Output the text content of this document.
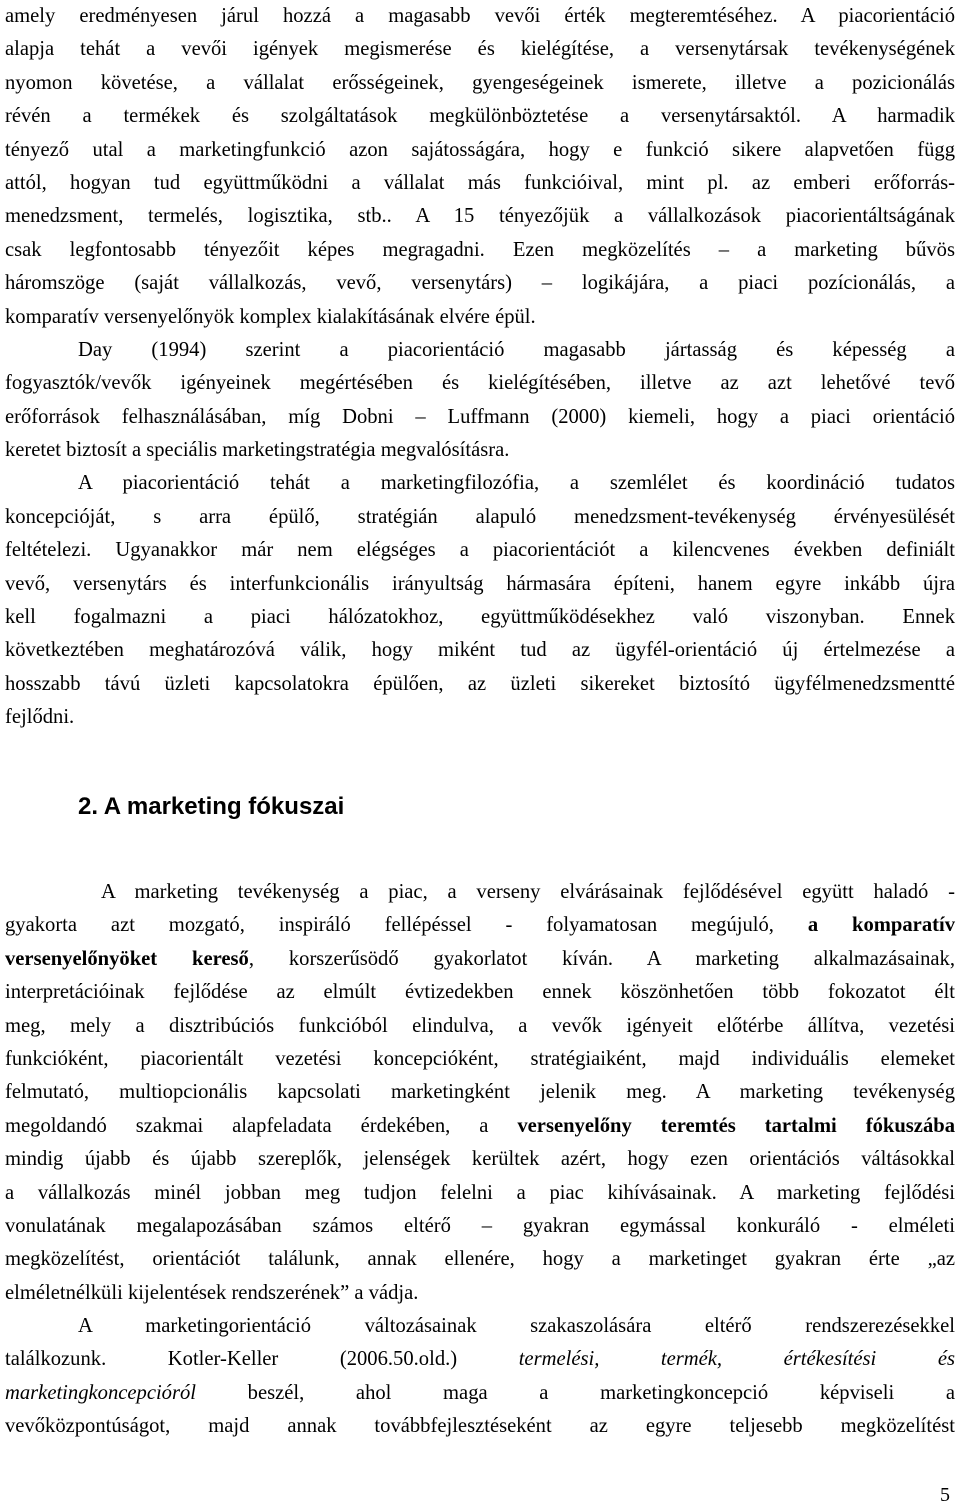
amely eredményesen járul hozzá a magasabb vevői érték megteremtéséhez. A piacorientáció
alapja tehát a vevői igények megismerése és kielégítése, a versenytársak tevékenységének
nyomon követése, a vállalat erősségeinek, gyengeségeinek ismerete, illetve a pozicionálás
révén a termékek és szolgáltatások megkülönböztetése a versenytársaktól. A harmadik
tényező utal a marketingfunkció azon sajátosságára, hogy e funkció sikere alapvetően függ
attól, hogyan tud együttműködni a vállalat más funkcióival, mint pl. az emberi erőforrás-
menedzsment, termelés, logisztika, stb.. A 15 tényezőjük a vállalkozások piacorientáltságának
csak legfontosabb tényezőit képes megragadni. Ezen megközelítés – a marketing bűvös
háromszöge (saját vállalkozás, vevő, versenytárs) – logikájára, a piaci pozícionálás, a
komparatív versenyelőnyök komplex kialakításának elvére épül.
Day (1994) szerint a piacorientáció magasabb jártasság és képesség a
fogyasztók/vevők igényeinek megértésében és kielégítésében, illetve az azt lehetővé tevő
erőforrások felhasználásában, míg Dobni – Luffmann (2000) kiemeli, hogy a piaci orientáció
keretet biztosít a speciális marketingstratégia megvalósításra.
A piacorientáció tehát a marketingfilozófia, a szemlélet és koordináció tudatos
koncepcióját, s arra épülő, stratégián alapuló menedzsment-tevékenység érvényesülését
feltételezi. Ugyanakkor már nem elégséges a piacorientációt a kilencvenes években definiált
vevő, versenytárs és interfunkcionális irányultság hármasára építeni, hanem egyre inkább újra
kell fogalmazni a piaci hálózatokhoz, együttműködésekhez való viszonyban. Ennek
következtében meghatározóvá válik, hogy miként tud az ügyfél-orientáció új értelmezése a
hosszabb távú üzleti kapcsolatokra épülően, az üzleti sikereket biztosító ügyfélmenedzsmentté
fejlődni.
2. A marketing fókuszai
A marketing tevékenység a piac, a verseny elvárásainak fejlődésével együtt haladó -
gyakorta azt mozgató, inspiráló fellépéssel - folyamatosan megújuló, a komparatív
versenyelőnyöket kereső, korszerűsödő gyakorlatot kíván. A marketing alkalmazásainak,
interpretációinak fejlődése az elmúlt évtizedekben ennek köszönhetően több fokozatot élt
meg, mely a disztribúciós funkcióból elindulva, a vevők igényeit előtérbe állítva, vezetési
funkcióként, piacorientált vezetési koncepcióként, stratégiaiként, majd individuális elemeket
felmutató, multiopcionális kapcsolati marketingként jelenik meg. A marketing tevékenység
megoldandó szakmai alapfeladata érdekében, a versenyelőny teremtés tartalmi fókuszába
mindig újabb és újabb szereplők, jelenségek kerültek azért, hogy ezen orientációs váltásokkal
a vállalkozás minél jobban meg tudjon felelni a piac kihívásainak. A marketing fejlődési
vonulatának megalapozásában számos eltérő – gyakran egymással konkuráló - elméleti
megközelítést, orientációt találunk, annak ellenére, hogy a marketinget gyakran érte „az
elméletnélküli kijelentések rendszerének” a vádja.
A marketingorientáció változásainak szakaszolására eltérő rendszerezésekkel
találkozunk. Kotler-Keller (2006.50.old.)	termelési, termék, értékesítési és
marketingkoncepcióról beszél, ahol maga a marketingkoncepció képviseli a
vevőközpontúságot, majd annak továbbfejlesztéseként az egyre teljesebb megközelítést
5
